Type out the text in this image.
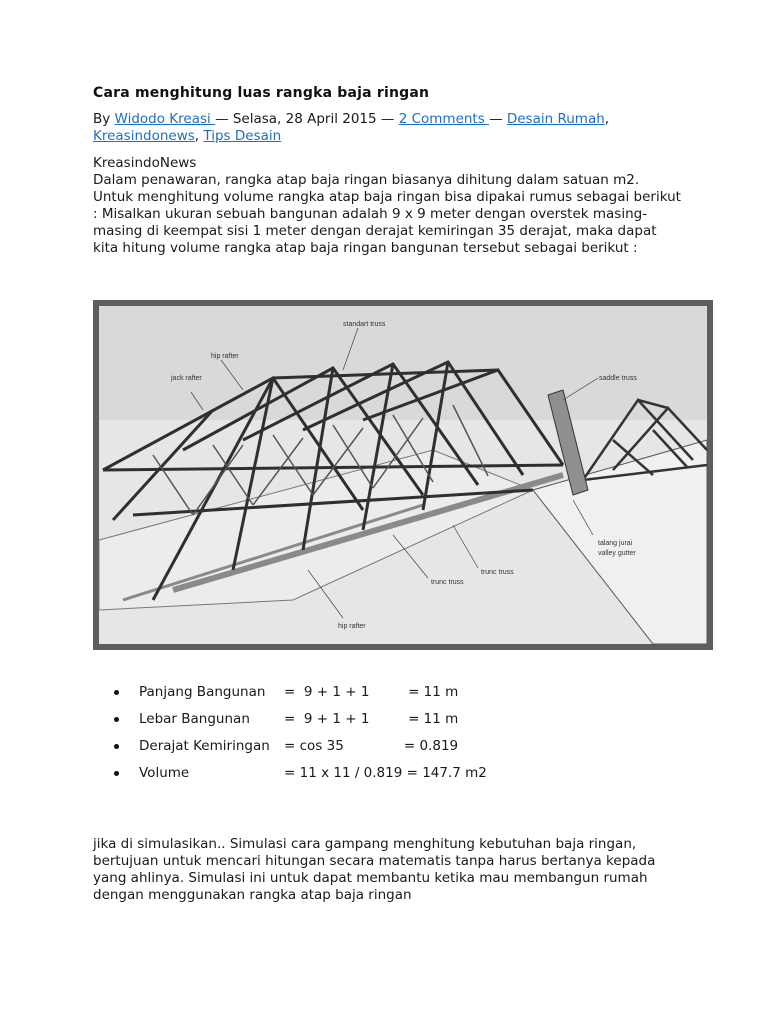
Cara menghitung luas rangka baja ringan
By Widodo Kreasi — Selasa, 28 April 2015 — 2 Comments — Desain Rumah,
Kreasindonews, Tips Desain

KreasindoNews

Dalam penawaran, rangka atap baja ringan biasanya dihitung dalam satuan m2. Untuk menghitung volume rangka atap baja ringan bisa dipakai rumus sebagai berikut : Misalkan ukuran sebuah bangunan adalah 9 x 9 meter dengan overstek masing-masing di keempat sisi 1 meter dengan derajat kemiringan 35 derajat, maka dapat kita hitung volume rangka atap baja ringan bangunan tersebut sebagai berikut :

standart truss
hip rafter
jack rafter	saddle truss
talang jurai
valley gutter
trunc truss
trunc truss
hip rafter
Panjang Bangunan =  9 + 1 + 1         = 11 m
Lebar Bangunan	=  9 + 1 + 1         = 11 m
Derajat Kemiringan = cos 35              = 0.819
Volume	= 11 x 11 / 0.819 = 147.7 m2
jika di simulasikan.. Simulasi cara gampang menghitung kebutuhan baja ringan, bertujuan untuk mencari hitungan secara matematis tanpa harus bertanya kepada yang ahlinya. Simulasi ini untuk dapat membantu ketika mau membangun rumah dengan menggunakan rangka atap baja ringan
